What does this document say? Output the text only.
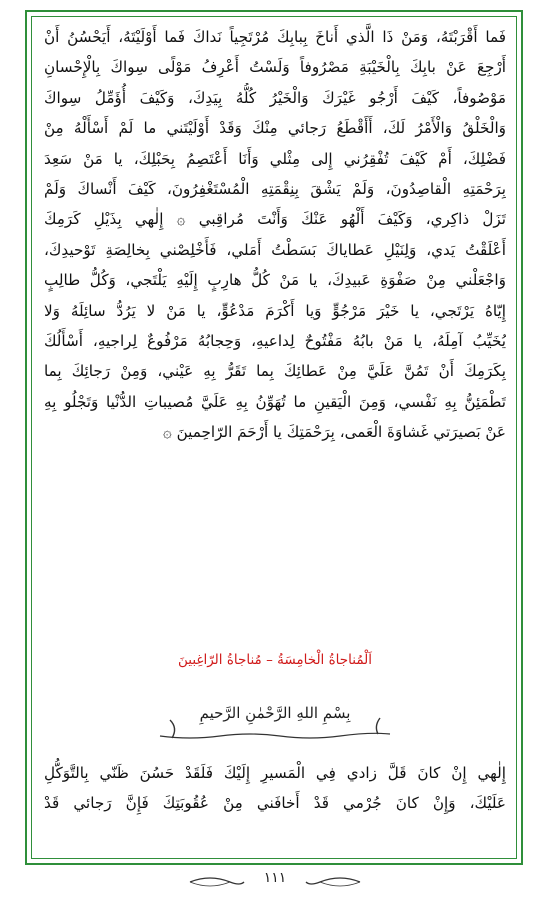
فَما أَقْرَبْتَهُ، وَمَنْ ذَا الَّذي أَناخَ بِبابِكَ مُرْتَجِياً نَداكَ فَما أَوْلَيْتَهُ، أَيَحْسُنُ أَنْ
أَرْجِعَ عَنْ بابِكَ بِالْخَيْبَةِ مَصْرُوفاً وَلَسْتُ أَعْرِفُ مَوْلًى سِواكَ بِالْإِحْسانِ
مَوْصُوفاً، كَيْفَ أَرْجُو غَيْرَكَ وَالْخَيْرُ كُلُّهُ بِيَدِكَ، وَكَيْفَ أُؤَمِّلُ سِواكَ
وَالْخَلْقُ وَالْأَمْرُ لَكَ، أَأَقْطَعُ رَجائي مِنْكَ وَقَدْ أَوْلَيْتَني ما لَمْ أَسْأَلْهُ مِنْ
فَضْلِكَ، أَمْ كَيْفَ تُفْقِرُني إِلى مِثْلي وَأَنَا أَعْتَصِمُ بِحَبْلِكَ، يا مَنْ سَعِدَ
بِرَحْمَتِهِ الْقاصِدُونَ، وَلَمْ يَشْقَ بِنِقْمَتِهِ الْمُسْتَغْفِرُونَ، كَيْفَ أَنْساكَ وَلَمْ
تَزَلْ ذاكِري، وَكَيْفَ أَلْهُو عَنْكَ وَأَنْتَ مُراقِبي ۞ إِلٰهي بِذَيْلِ كَرَمِكَ
أَعْلَقْتُ يَدي، وَلِنَيْلِ عَطاياكَ بَسَطْتُ أَمَلي، فَأَخْلِصْني بِخالِصَةِ تَوْحيدِكَ،
وَاجْعَلْني مِنْ صَفْوَةِ عَبيدِكَ، يا مَنْ كُلُّ هارِبٍ إِلَيْهِ يَلْتَجي، وَكُلُّ طالِبٍ
إِيّاهُ يَرْتَجي، يا خَيْرَ مَرْجُوٍّ وَيا أَكْرَمَ مَدْعُوٍّ، يا مَنْ لا يَرُدُّ سائِلَهُ وَلا
يُخَيِّبُ آمِلَهُ، يا مَنْ بابُهُ مَفْتُوحٌ لِداعيهِ، وَحِجابُهُ مَرْفُوعٌ لِراجيهِ، أَسْأَلُكَ
بِكَرَمِكَ أَنْ تَمُنَّ عَلَيَّ مِنْ عَطائِكَ بِما تَقَرُّ بِهِ عَيْني، وَمِنْ رَجائِكَ بِما
تَطْمَئِنُّ بِهِ نَفْسي، وَمِنَ الْيَقينِ ما تُهَوِّنُ بِهِ عَلَيَّ مُصيباتِ الدُّنْيا وَتَجْلُو بِهِ
عَنْ بَصيرَتي غَشاوَةَ الْعَمى، بِرَحْمَتِكَ يا أَرْحَمَ الرّاحِمينَ ۞
اَلْمُناجاةُ الْخامِسَةُ – مُناجاةُ الرّاغِبينَ
بِسْمِ اللهِ الرَّحْمٰنِ الرَّحيمِ
إِلٰهي إِنْ كانَ قَلَّ زادي فِي الْمَسيرِ إِلَيْكَ فَلَقَدْ حَسُنَ ظَنّي بِالتَّوَكُّلِ
عَلَيْكَ، وَإِنْ كانَ جُرْمي قَدْ أَخافَني مِنْ عُقُوبَتِكَ فَإِنَّ رَجائي قَدْ
١١١
